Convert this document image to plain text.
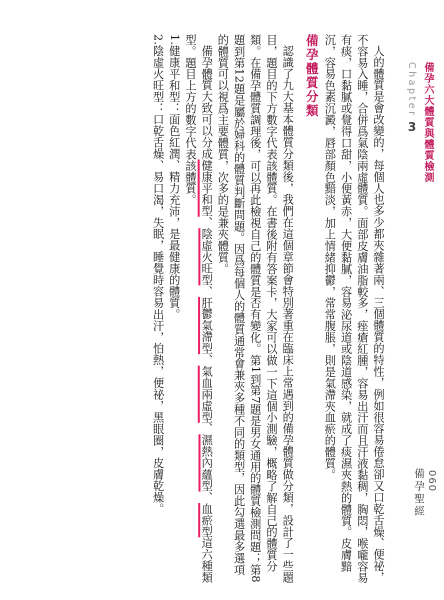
Chapter
3 備孕六大體質與體質檢測

人的體質是會改變的，每個人也多少都夾雜著兩、三個體質的特性，例如很容易倦怠卻又口乾舌燥、便祕，不容易入睡，合併爲氣陰兩虛體質。面部皮膚油脂較多，痤瘡紅腫，容易出汗而且汗液黏稠，胸悶，喉嚨容易有痰，口黏膩或覺得口甜，小便黃赤，大便黏膩，容易泌尿道或陰道感染，就成了痰濕夾熱的體質。皮膚黯沉，容易色素沉澱，唇部顏色黯淡，加上情緒抑鬱，常常腹脹，則是氣滯夾血瘀的體質。

備孕體質分類

認識了九大基本體質分類後，我們在這個章節會特別著重在臨床上常遇到的備孕體質做分類，設計了一些題目，題目的下方數字代表該體質。在書後附有答案卡，大家可以做一下這個小測驗，概略了解自己的體質分類。在備孕體質調理後，可以再此檢視自己的體質是否有變化。第1到第7題是男女通用的體質檢測問題；第8題到第12題是屬於婦科的體質判斷問題。因爲每個人的體質通常會兼夾多種不同的類型，因此勾選最多選項的體質可以視爲主要體質，次多的是兼夾體質。

備孕體質大致可以分成健康平和型、陰虛火旺型、肝鬱氣滯型、氣血兩虛型、濕熱內蘊型、血瘀型這六種類型。題目上方的數字代表該體質。

1.健康平和型：面色紅潤、精力充沛，是最健康的體質。

2.陰虛火旺型：口乾舌燥、易口渴，失眠，睡覺時容易出汗，怕熱，便祕，黑眼圈，皮膚乾燥。	備孕聖經 060
